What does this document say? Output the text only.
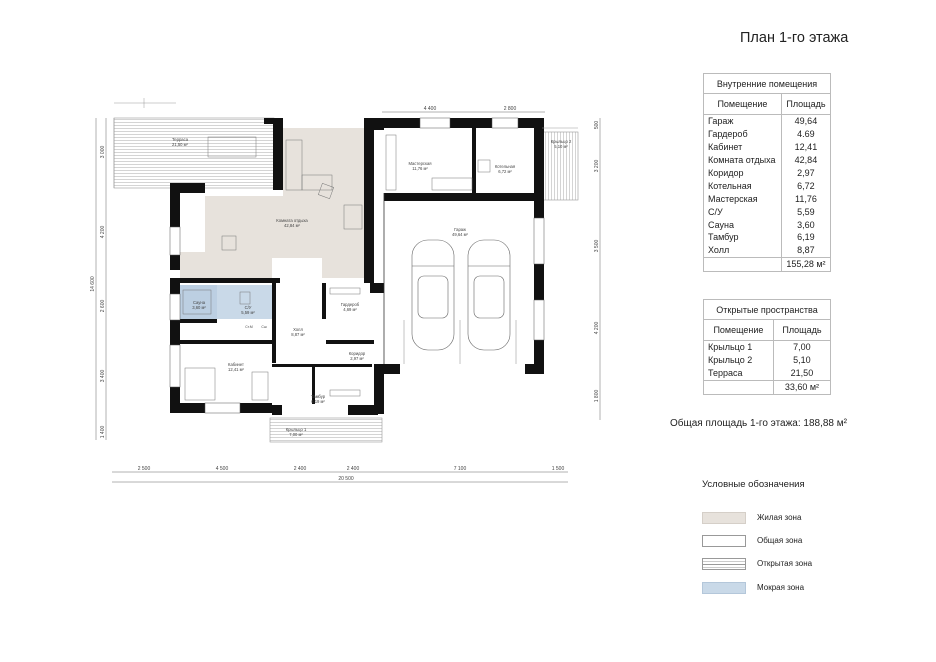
4 400	2 800
2 500	4 500	2 400	2 400	7 100	1 500
20 500
3 000
4 200
2 600
3 400
1 400
14 600
500
3 200
3 500
4 200
1 800
Терраса
21,50 м²
Комната отдыха
42,84 м²
Мастерская
11,76 м²	Котельная
6,72 м²
Крыльцо 2
5,10 м²
Гараж
49,64 м²
Сауна
3,60 м²	С/У
5,59 м²
Гардероб
4,69 м²
Холл
8,87 м²
Кабинет
12,41 м²
Коридор
2,97 м²
Тамбур
6,19 м²
Крыльцо 1
7,00 м²
Ст.М	Сш
План 1-го этажа
Внутренние помещения	
Помещение	Площадь
Гараж	49,64
Гардероб	4.69
Кабинет	12,41
Комната отдыха	42,84
Коридор	2,97
Котельная	6,72
Мастерская	11,76
С/У	5,59
Сауна	3,60
Тамбур	6,19
Холл	8,87
	155,28 м²
Открытые пространства	
Помещение	Площадь
Крыльцо 1	7,00
Крыльцо 2	5,10
Терраса	21,50
	33,60 м²
Общая площадь 1-го этажа: 188,88 м²
Условные обозначения
Жилая зона
Общая зона
Открытая зона
Мокрая зона
